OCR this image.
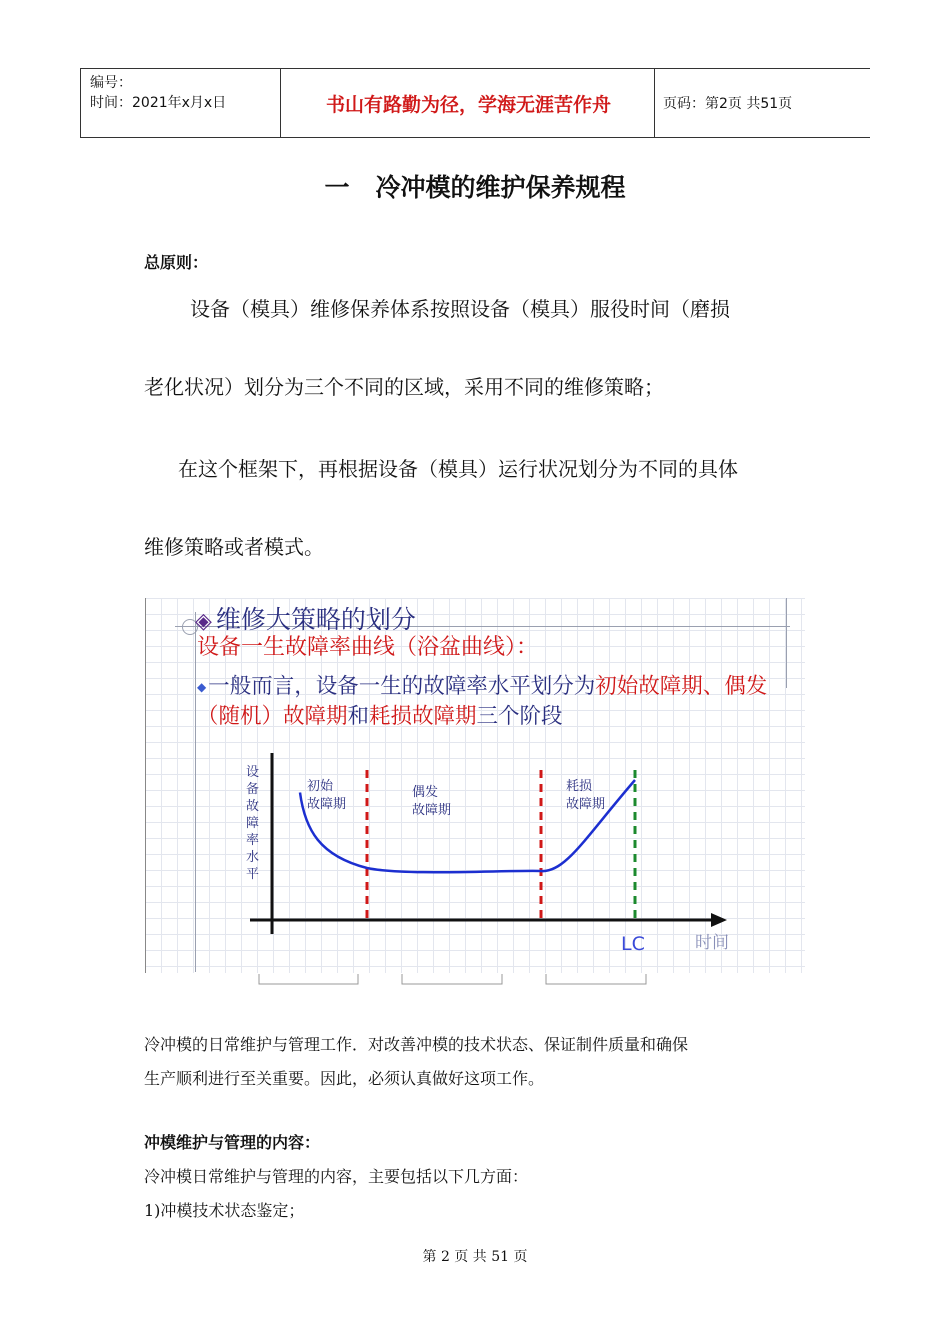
编号：
时间：2021年x月x日	书山有路勤为径，学海无涯苦作舟	页码：第2页 共51页
一 冷冲模的维护保养规程
总原则：
设备（模具）维修保养体系按照设备（模具）服役时间（磨损
老化状况）划分为三个不同的区域，采用不同的维修策略；
在这个框架下，再根据设备（模具）运行状况划分为不同的具体
维修策略或者模式。
◈ 维修大策略的划分
设备一生故障率曲线（浴盆曲线）：
◆一般而言，设备一生的故障率水平划分为初始故障期、偶发（随机）故障期和耗损故障期三个阶段
设
备
故
障
率
水
平
初始
故障期
偶发
故障期
耗损
故障期
LC	时间
冷冲模的日常维护与管理工作．对改善冲模的技术状态、保证制件质量和确保
生产顺利进行至关重要。因此，必须认真做好这项工作。
冲模维护与管理的内容：
冷冲模日常维护与管理的内容，主要包括以下几方面：
1)冲模技术状态鉴定；
第 2 页 共 51 页
